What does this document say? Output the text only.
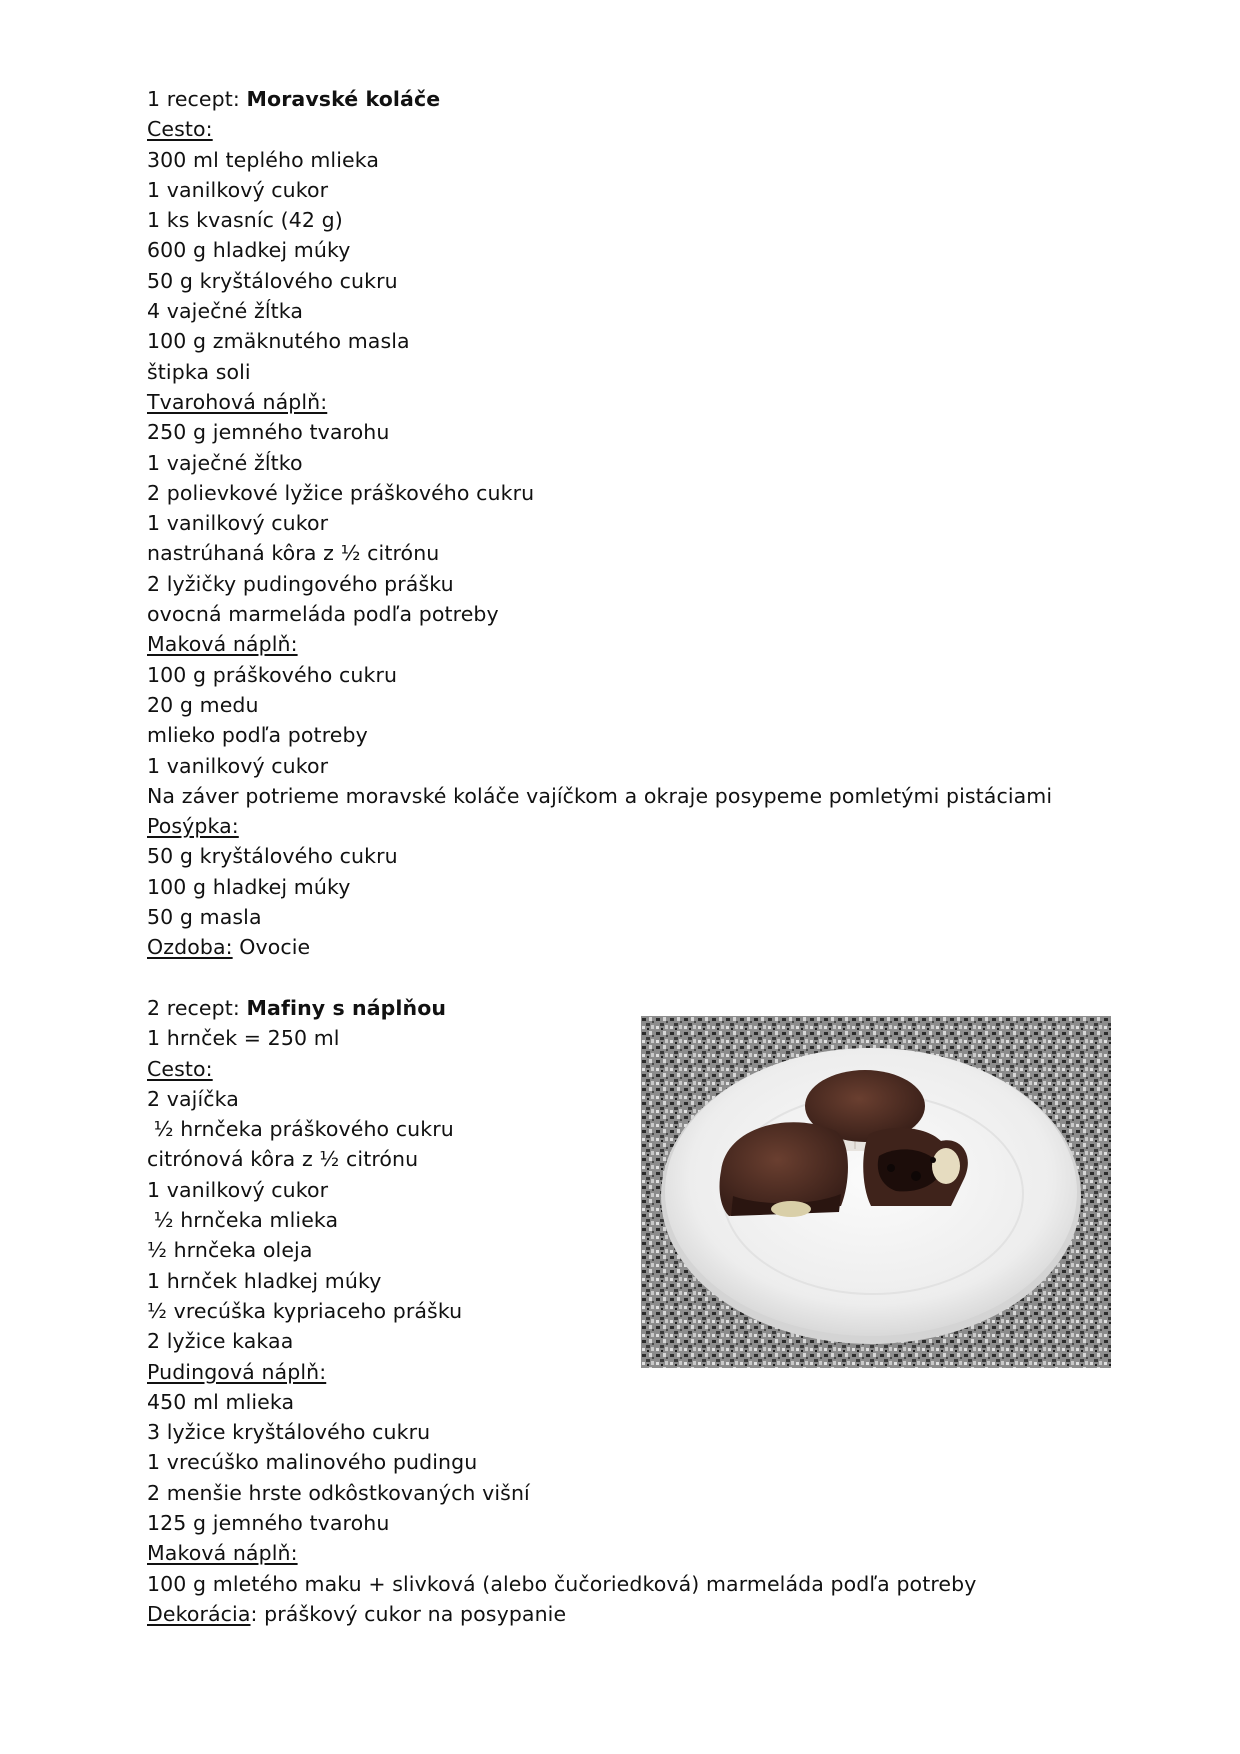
1 recept: Moravské koláče
Cesto:
300 ml teplého mlieka
1 vanilkový cukor
1 ks kvasníc (42 g)
600 g hladkej múky
50 g kryštálového cukru
4 vaječné žĺtka
100 g zmäknutého masla
štipka soli
Tvarohová náplň:
250 g jemného tvarohu
1 vaječné žĺtko
2 polievkové lyžice práškového cukru
1 vanilkový cukor
nastrúhaná kôra z ½ citrónu
2 lyžičky pudingového prášku
ovocná marmeláda podľa potreby
Maková náplň:
100 g práškového cukru
20 g medu
mlieko podľa potreby
1 vanilkový cukor
Na záver potrieme moravské koláče vajíčkom a okraje posypeme pomletými pistáciami
Posýpka:
50 g kryštálového cukru
100 g hladkej múky
50 g masla
Ozdoba: Ovocie
2 recept: Mafiny s náplňou
1 hrnček = 250 ml
Cesto:
2 vajíčka
½ hrnčeka práškového cukru
citrónová kôra z ½ citrónu
1 vanilkový cukor
½ hrnčeka mlieka
½ hrnčeka oleja
1 hrnček hladkej múky
½ vrecúška kypriaceho prášku
2 lyžice kakaa
Pudingová náplň:
450 ml mlieka
3 lyžice kryštálového cukru
1 vrecúško malinového pudingu
2 menšie hrste odkôstkovaných višní
125 g jemného tvarohu
Maková náplň:
100 g mletého maku + slivková (alebo čučoriedková) marmeláda podľa potreby
Dekorácia: práškový cukor na posypanie
